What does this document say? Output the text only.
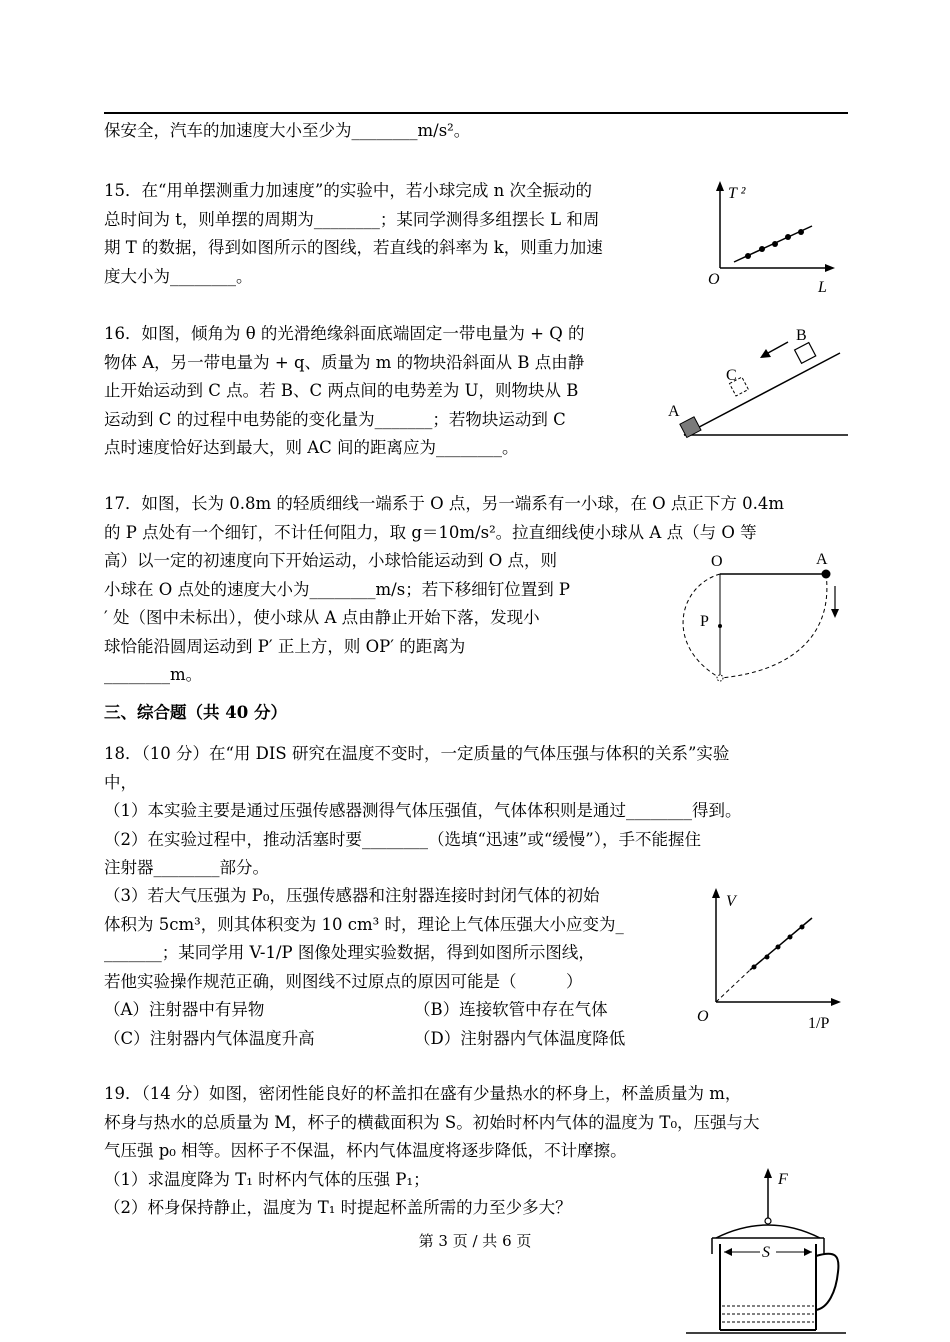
保安全，汽车的加速度大小至少为________m/s²。

15．在“用单摆测重力加速度”的实验中，若小球完成 n 次全振动的

总时间为 t，则单摆的周期为________；某同学测得多组摆长 L 和周

期 T 的数据，得到如图所示的图线，若直线的斜率为 k，则重力加速

度大小为________。

T ²
O	L

16．如图，倾角为 θ 的光滑绝缘斜面底端固定一带电量为 + Q 的

物体 A，另一带电量为 + q、质量为 m 的物块沿斜面从 B 点由静

止开始运动到 C 点。若 B、C 两点间的电势差为 U，则物块从 B

运动到 C 的过程中电势能的变化量为_______；若物块运动到 C

点时速度恰好达到最大，则 AC 间的距离应为________。

A
B
C

17．如图，长为 0.8m 的轻质细线一端系于 O 点，另一端系有一小球，在 O 点正下方 0.4m

的 P 点处有一个细钉，不计任何阻力，取 g＝10m/s²。拉直细线使小球从 A 点（与 O 等

高）以一定的初速度向下开始运动，小球恰能运动到 O 点，则

小球在 O 点处的速度大小为________m/s；若下移细钉位置到 P

′ 处（图中未标出），使小球从 A 点由静止开始下落，发现小

球恰能沿圆周运动到 P′ 正上方，则 OP′ 的距离为

________m。

O	A
P

三、综合题（共 40 分）

18．（10 分）在“用 DIS 研究在温度不变时，一定质量的气体压强与体积的关系”实验

中，

（1）本实验主要是通过压强传感器测得气体压强值，气体体积则是通过________得到。

（2）在实验过程中，推动活塞时要________（选填“迅速”或“缓慢”），手不能握住

注射器________部分。

（3）若大气压强为 P₀，压强传感器和注射器连接时封闭气体的初始

体积为 5cm³，则其体积变为 10 cm³ 时，理论上气体压强大小应变为_

_______；某同学用 V-1/P 图像处理实验数据，得到如图所示图线，

若他实验操作规范正确，则图线不过原点的原因可能是（　　　）

（A）注射器中有异物	（B）连接软管中存在气体
（C）注射器内气体温度升高	（D）注射器内气体温度降低
V
O	1/P

19．（14 分）如图，密闭性能良好的杯盖扣在盛有少量热水的杯身上，杯盖质量为 m，

杯身与热水的总质量为 M，杯子的横截面积为 S。初始时杯内气体的温度为 T₀，压强与大

气压强 p₀ 相等。因杯子不保温，杯内气体温度将逐步降低，不计摩擦。

（1）求温度降为 T₁ 时杯内气体的压强 P₁；

（2）杯身保持静止，温度为 T₁ 时提起杯盖所需的力至少多大？

F
S
第 3 页 / 共 6 页
